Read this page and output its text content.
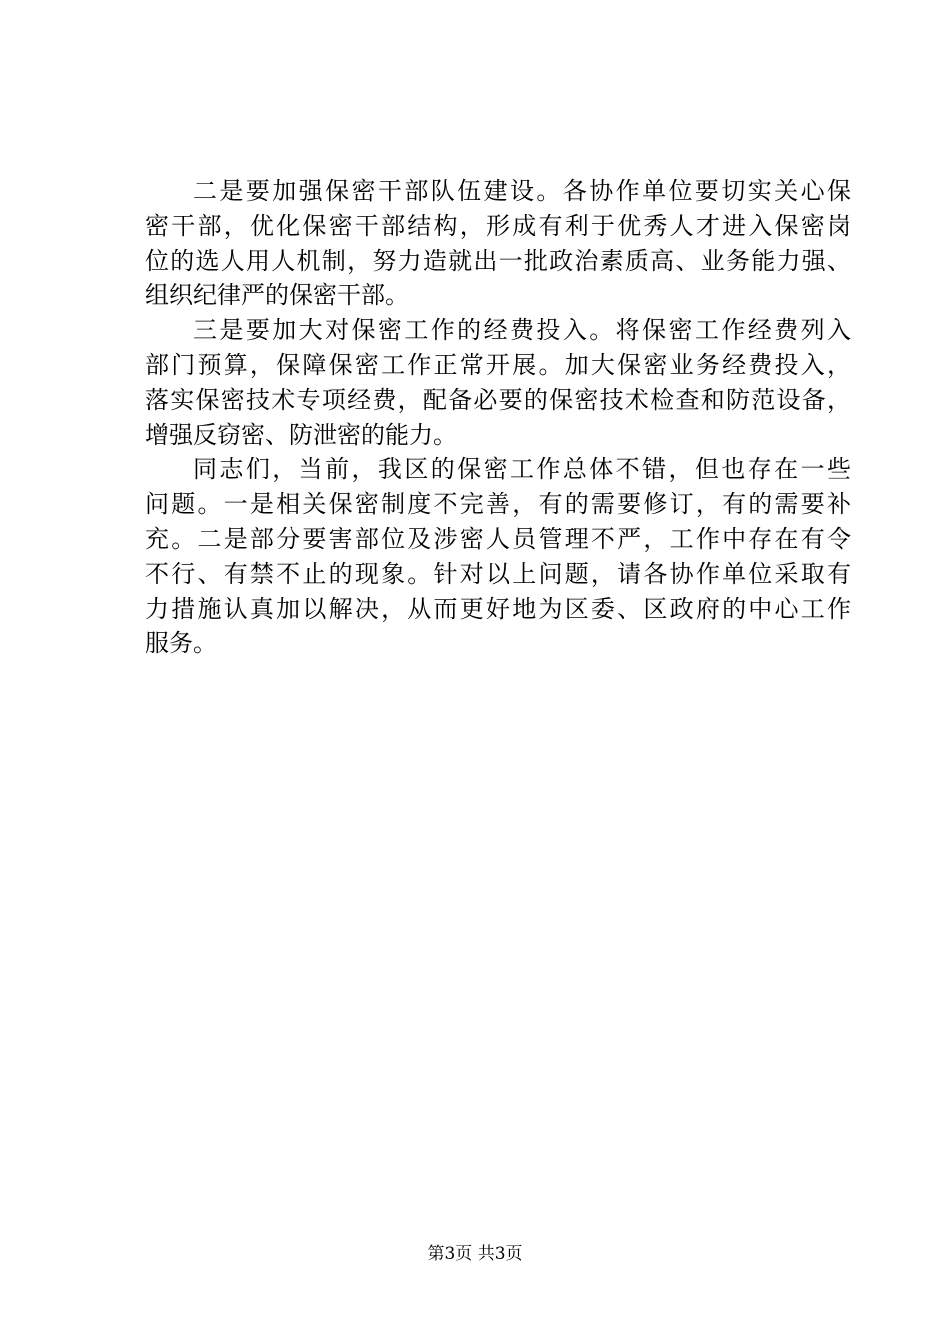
二是要加强保密干部队伍建设。各协作单位要切实关心保
密干部，优化保密干部结构，形成有利于优秀人才进入保密岗
位的选人用人机制，努力造就出一批政治素质高、业务能力强、
组织纪律严的保密干部。
三是要加大对保密工作的经费投入。将保密工作经费列入
部门预算，保障保密工作正常开展。加大保密业务经费投入，
落实保密技术专项经费，配备必要的保密技术检查和防范设备，
增强反窃密、防泄密的能力。
同志们，当前，我区的保密工作总体不错，但也存在一些
问题。一是相关保密制度不完善，有的需要修订，有的需要补
充。二是部分要害部位及涉密人员管理不严，工作中存在有令
不行、有禁不止的现象。针对以上问题，请各协作单位采取有
力措施认真加以解决，从而更好地为区委、区政府的中心工作
服务。
第3页 共3页
